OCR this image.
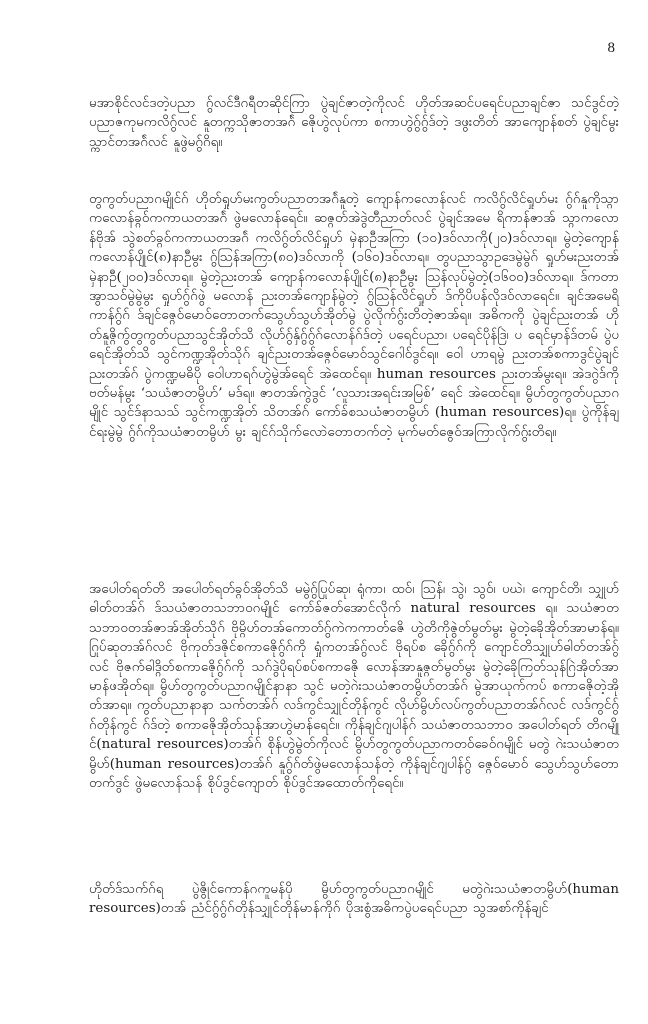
8

မအာစိုင်လင်ဒတဲ့ပညာ ဂွ်လင်ဒီဂရီတဆိုင်ကြာ ပွဲချင်ဇာတဲ့ကိုလင် ဟိုတ်အဆင်ပရေင်ပညာချင်ဇာ သင်ဒွင်တဲ့ ပညာဇကုမကလိဂွ်လင် နူတက္ကသိုဇာတအဂ်ဲ ဇေိုဟွဲလုပ်ကာ စကာဟွဲဂွ်ဂွ်ဒ်တဲ့ ဒဖွးတိတ် အာကျောန်စတ် ပွဲချင်မွးသ္ကာင်တအဂ်ဲလင် နူဖွဲမဂွ်ဂိရ။

တွကွတ်ပညာဂမျိုင်ဂ် ဟိုတ်ရှုဟ်မးကွတ်ပညာတအဂ်ဲနူတဲ့ ကျောန်ကလောန်လင် ကလိဂွ်လိင်ရှုဟ်မး ဂွ်ဂ်နူကိုသ္ဂာကလောန်ခ္ဂဝ်ကကာယတအဂ်ဲ ဖွဲမလောန်ရေင်။ ဆဇ္ဂတ်အဲဒွဲတီညာတ်လင် ပွဲချင်အမေ ရိကာန်ဇာအ် သ္ဂာကလောန်ဗိုအ် သွဲစတ်ခ္ဂဝ်ကကာယတအဂ်ဲ ကလိဂွ်တ်လိင်ရှုဟ် မှဲနာဦအကြာ (၁၀)ဒဝ်လာကို(၂၀)ဒဝ်လာရ။ မွဲတဲ့ကျောန်ကလောန်ပျိုင်(၈)နာဦမွး ဂွ်ဩန်အကြာ(၈၀)ဒဝ်လာကို (၁၆၀)ဒဝ်လာရ။ တွပညာသွာဥဒေမွဲမွဲဂ် ရှုဟ်မးညးတအ် မှဲနာဦ(၂၀၀)ဒဝ်လာရ။ မွဲတဲ့ညးတအ် ကျောန်ကလောန်ပျိုင်(၈)နာဦမွး ဩန်လုပ်မွဲတဲ့(၁၆၀၀)ဒဝ်လာရ။ ဒ်ကတာအွာသဝ်မွဲမွဲမွး ရှုဟ်ဂွ်ဂ်ဖွဲ မလောန် ညးတအ်ကျောန်မွဲတဲ့ ဂွ်ဩန်လိင်ရှုဟ် ဒ်ကိုပိပန်လိုဒဝ်လာရေင်။ ချင်အမေရိကာန်ဂွ်ဂ် ဒ်ချင်ဇ္ဂေဝ်မောဝ်တောတက်သွေဟ်သွဟ်အိုတ်မွဲ ပွဲလိုက်ဂွ်းတိတဲ့ဇာအ်ရ။ အဓိကကို ပွဲချင်ညးတအ် ဟိုတ်နူဇ္ဂိကွ်တွကွတ်ပညာသွင်အိုတ်သိ လိုဟ်ဂွ်နှ်ဂွ်ဂွ်ဂ်လောန်ဂ်ဒ်တဲ့ ပရေင်ပညာ၊ ပရေင်ပိုန်ဒြဲ၊ ပ ရေင်မှာန်ဒ်တမ် ပွဲပရေင်အိုတ်သိ သွင်ကဏ္ဍအိုတ်သိုဂ် ချင်ညးတအ်ဇ္ဂေဝ်မောဝ်သွင်ဂေါဝ်ဒွင်ရ။ ဝေါ ဟာရမွဲ ညးတအ်စကာဒွင်ပွဲချင်ညးတအ်ဂ် ပွဲကဏ္ဍမဓိပို ဝေါဟာရဂ်ဟွဲမွဲအ်ရေင် အဲထေင်ရ။ human resources ညးတအ်မွးရ။ အဲဒဂွဲဒ်ကိုဗတ်မန်မွး ‘သယံဇာတမွိဟ်’ မဒ်ရ။ ဇာတအ်ကွဲဒွင် ‘လူသားအရင်းအမြစ်’ ရေင် အဲထေင်ရ။ မွိဟ်တွကွတ်ပညာဂမျိုင် သွင်ဒ်နာသသ် သွင်ကဏ္ဍအိုတ် သိတအ်ဂ် ကော်ခ်စသယံဇာတမွိဟ် (human resources)ရ။ ပွဲကိုန်ချင်ရးမွဲမွဲ ဂွ်ဂ်ကိုသယံဇာတမွိဟ် မွး ချင်ဂ်သိုက်လောဲတောတက်တဲ့ မုက်မတ်ဇွေဝ်အကြာလိုက်ဂွ်းတိရ။

အပေါတ်ရတ်တိ အပေါတ်ရတ်ခ္ဂဝ်အိုတ်သိ မမွဲဂွ်ပြုပ်ဆု၊ ရုံကာ၊ ထဝ်၊ ဩန်၊ သွဲ၊ သွဝ်၊ ပဃဲ၊ ကျောင်တိ၊ သျှုဟ်ဓါတ်တအ်ဂ် ဒ်သယံဇာတသဘာဝဂမျိုင် ကော်ခ်ဇတ်အောင်လိုက် natural resources ရ။ သယံဇာတသဘာဝတအ်ဇာအ်အိုတ်သိုဂ် ဗိုမ္ဂိဟ်တအ်ကောတ်ဂွ်ကဲကကာတ်ဇေိ ဟွဲတိကိုဇွဲတ်မွတ်မွး မွဲတဲ့ခေိုအိုတ်အာမာန်ရ။ ဂြုပ်ဆုတအ်ဂ်လင် ဗိုကုတ်ဒဇိုင်စကာဇေိုဂွ်ဂ်ကို ရှုံကတအ်ဂွ်လင် ဗိုရပ်စ ခေိုဂွ်ဂ်ကို ကျောင်တိသျှုဟ်ဓါတ်တအ်ဂွ်လင် ဗိုဇက်ဓါဒ္ဂိတ်စကာဇေိုဂွ်ဂ်ကို သဂ်ဒွဲပိုရပ်စပ်စကာဇေို လောန်အာနူဇ္ဂတ်မွတ်မွး မွဲတဲ့ခေိုကြတ်သုန်ဂြဲအိုတ်အာမာန်ဖအိုတ်ရ။ မွိဟ်တွကွတ်ပညာဂမျိုင်နာနာ သွင် မတဲ့ဂဲးသယံဇာတမွိဟ်တအ်ဂ် မွဲအာယုက်ကပ် စကာဇေိုတဲ့အိုတ်အာရ။ ကွတ်ပညာနာနာ သက်တအ်ဂ် လဒ်ကွင်သျှုင်တိုန်ကွင် လိုဟ်မွိဟ်လပ်ကွတ်ပညာတအ်ဂ်လင် လဒ်ကွင်ဂွ်ဂ်တိုန်ကွင် ဂ်ဒ်တဲ့ စကာဇေိုအိုတ်သုန်အာဟွဲမာန်ရေင်။ ကိုန်ချင်ဂျပါန်ဂ် သယံဇာတသဘာဝ အပေါတ်ရတ် တိဂမျိုင်(natural resources)တအ်ဂ် စိုန်ဟွဲမွဲတ်ကိုလင် မွိဟ်တွကွတ်ပညာကတဝ်ခေဝ်ဂမျိုင် မတွဲ ဂဲးသယံဇာတမွိဟ်(human resources)တအ်ဂ် နူဂွ်ဂ်တ်ဖွဲမလောန်သန်တဲ့ ကိုန်ချင်ဂျပါန်ဂွ် ဇ္ဂေဝ်မောဝ် သွေဟ်သွဟ်တောတက်ဒွင် ဖွဲမလောန်သန် စိုပ်ဒွင်ကျောတ် စိုပ်ဒွင်အထောတ်ကိုရေင်။

ဟိုတ်ဒ်သက်ဂ်ရ ပွဲဇွိုင်ကောန်ဂကူမန်ပို မွိဟ်တွကွတ်ပညာဂမျိုင် မတွဲဂဲးသယံဇာတမွိဟ်(human resources)တအ် ညံင်ဂွ်ဂွ်ဂ်တိုန်သျှုင်တိုန်မာန်ကိုဂ် ပိုဒးစွံအဓိကပွဲပရေင်ပညာ သွအစာ်ကိုန်ချင်
